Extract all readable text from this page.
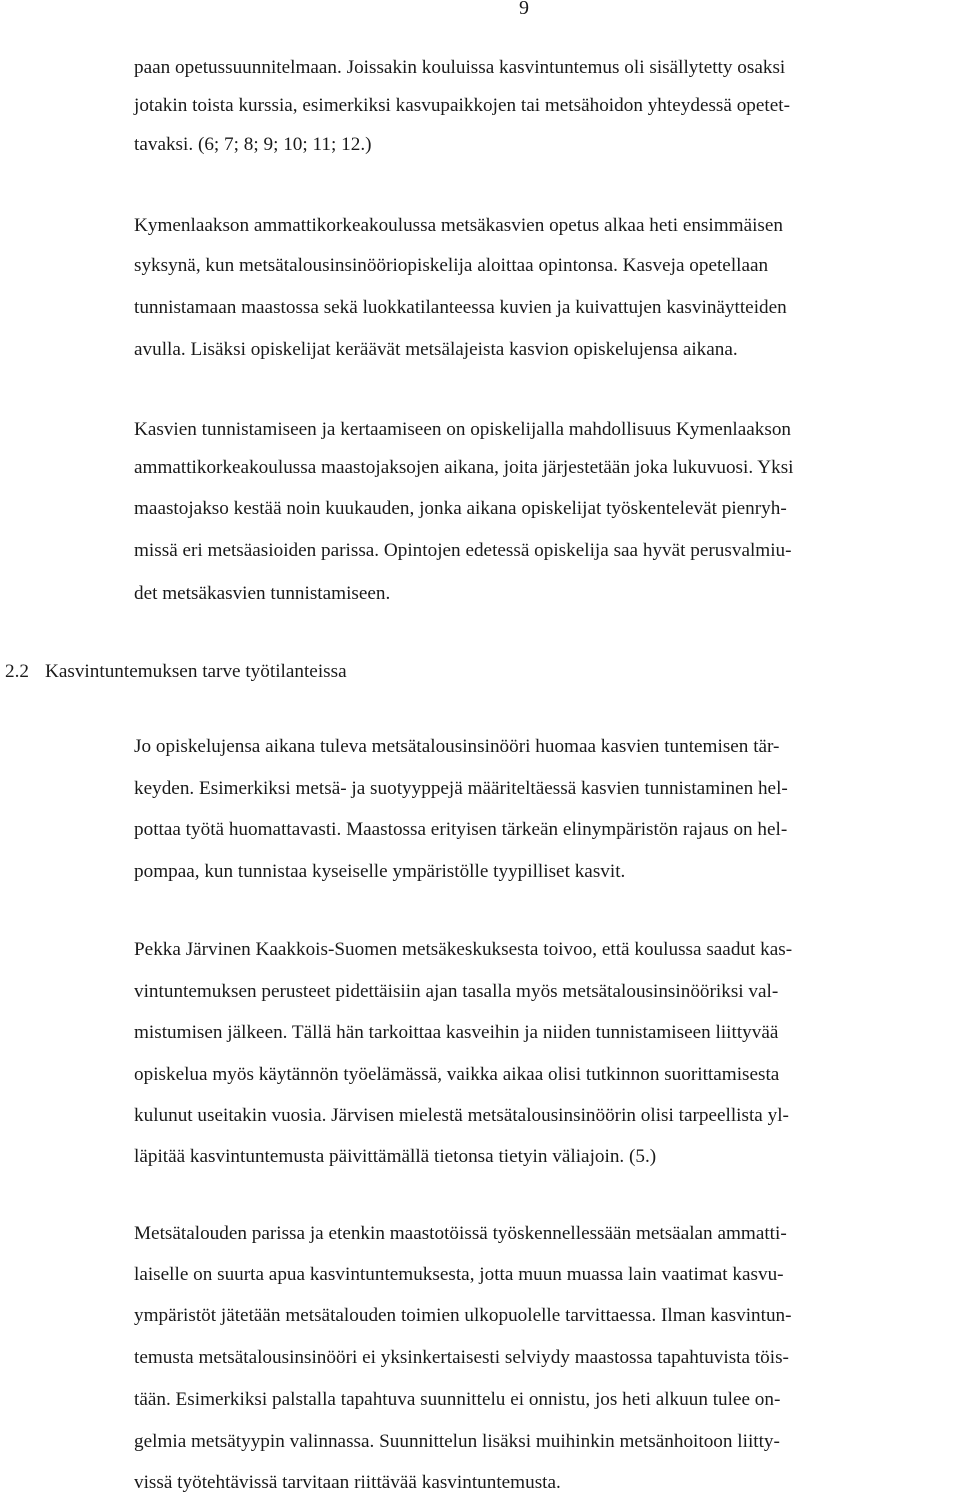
9
paan opetussuunnitelmaan. Joissakin kouluissa kasvintuntemus oli sisällytetty osaksi
jotakin toista kurssia, esimerkiksi kasvupaikkojen tai metsähoidon yhteydessä opetet-
tavaksi. (6; 7; 8; 9; 10; 11; 12.)
Kymenlaakson ammattikorkeakoulussa metsäkasvien opetus alkaa heti ensimmäisen
syksynä, kun metsätalousinsinööriopiskelija aloittaa opintonsa. Kasveja opetellaan
tunnistamaan maastossa sekä luokkatilanteessa kuvien ja kuivattujen kasvinäytteiden
avulla. Lisäksi opiskelijat keräävät metsälajeista kasvion opiskelujensa aikana.
Kasvien tunnistamiseen ja kertaamiseen on opiskelijalla mahdollisuus Kymenlaakson
ammattikorkeakoulussa maastojaksojen aikana, joita järjestetään joka lukuvuosi. Yksi
maastojakso kestää noin kuukauden, jonka aikana opiskelijat työskentelevät pienryh-
missä eri metsäasioiden parissa. Opintojen edetessä opiskelija saa hyvät perusvalmiu-
det metsäkasvien tunnistamiseen.
2.2 Kasvintuntemuksen tarve työtilanteissa
Jo opiskelujensa aikana tuleva metsätalousinsinööri huomaa kasvien tuntemisen tär-
keyden. Esimerkiksi metsä- ja suotyyppejä määriteltäessä kasvien tunnistaminen hel-
pottaa työtä huomattavasti. Maastossa erityisen tärkeän elinympäristön rajaus on hel-
pompaa, kun tunnistaa kyseiselle ympäristölle tyypilliset kasvit.
Pekka Järvinen Kaakkois-Suomen metsäkeskuksesta toivoo, että koulussa saadut kas-
vintuntemuksen perusteet pidettäisiin ajan tasalla myös metsätalousinsinööriksi val-
mistumisen jälkeen. Tällä hän tarkoittaa kasveihin ja niiden tunnistamiseen liittyvää
opiskelua myös käytännön työelämässä, vaikka aikaa olisi tutkinnon suorittamisesta
kulunut useitakin vuosia. Järvisen mielestä metsätalousinsinöörin olisi tarpeellista yl-
läpitää kasvintuntemusta päivittämällä tietonsa tietyin väliajoin. (5.)
Metsätalouden parissa ja etenkin maastotöissä työskennellessään metsäalan ammatti-
laiselle on suurta apua kasvintuntemuksesta, jotta muun muassa lain vaatimat kasvu-
ympäristöt jätetään metsätalouden toimien ulkopuolelle tarvittaessa. Ilman kasvintun-
temusta metsätalousinsinööri ei yksinkertaisesti selviydy maastossa tapahtuvista töis-
tään. Esimerkiksi palstalla tapahtuva suunnittelu ei onnistu, jos heti alkuun tulee on-
gelmia metsätyypin valinnassa. Suunnittelun lisäksi muihinkin metsänhoitoon liitty-
vissä työtehtävissä tarvitaan riittävää kasvintuntemusta.
